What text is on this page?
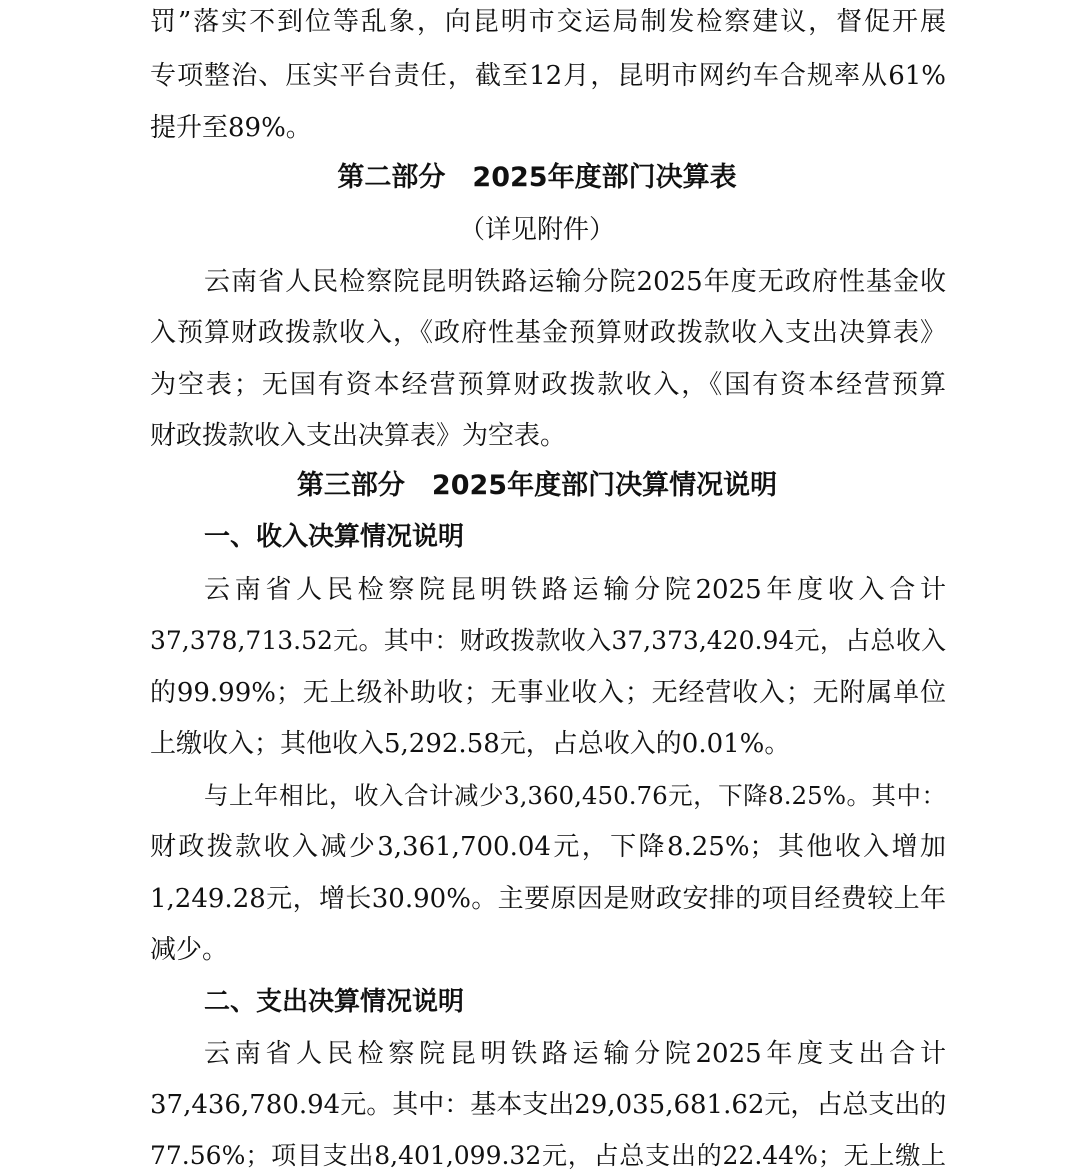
罚”落实不到位等乱象，向昆明市交运局制发检察建议，督促开展
专项整治、压实平台责任，截至12月，昆明市网约车合规率从61%
提升至89%。
第二部分　2025年度部门决算表
（详见附件）
云南省人民检察院昆明铁路运输分院2025年度无政府性基金收
入预算财政拨款收入，《政府性基金预算财政拨款收入支出决算表》
为空表；无国有资本经营预算财政拨款收入，《国有资本经营预算
财政拨款收入支出决算表》为空表。
第三部分　2025年度部门决算情况说明
一、收入决算情况说明
云南省人民检察院昆明铁路运输分院2025年度收入合计
37,378,713.52元。其中：财政拨款收入37,373,420.94元，占总收入
的99.99%；无上级补助收；无事业收入；无经营收入；无附属单位
上缴收入；其他收入5,292.58元，占总收入的0.01%。
与上年相比，收入合计减少3,360,450.76元，下降8.25%。其中：
财政拨款收入减少3,361,700.04元，下降8.25%；其他收入增加
1,249.28元，增长30.90%。主要原因是财政安排的项目经费较上年
减少。
二、支出决算情况说明
云南省人民检察院昆明铁路运输分院2025年度支出合计
37,436,780.94元。其中：基本支出29,035,681.62元，占总支出的
77.56%；项目支出8,401,099.32元，占总支出的22.44%；无上缴上
